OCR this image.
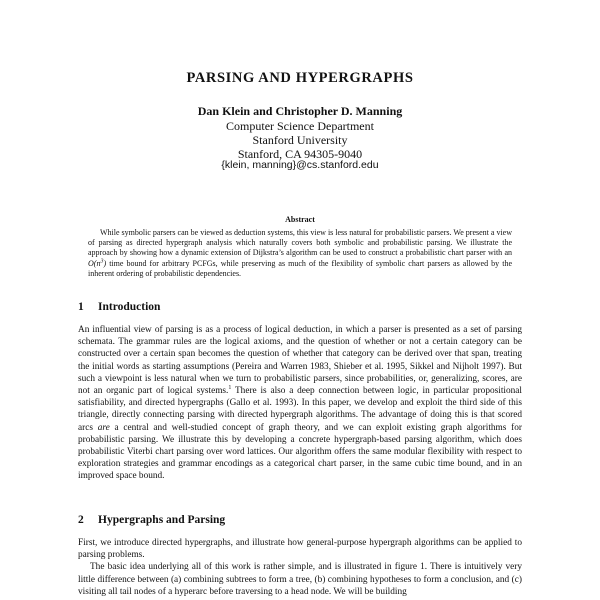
PARSING AND HYPERGRAPHS
Dan Klein and Christopher D. Manning
Computer Science Department
Stanford University
Stanford, CA 94305-9040
{klein, manning}@cs.stanford.edu
Abstract

While symbolic parsers can be viewed as deduction systems, this view is less natural for probabilistic parsers. We present a view of parsing as directed hypergraph analysis which naturally covers both symbolic and probabilistic parsing. We illustrate the approach by showing how a dynamic extension of Dijkstra’s algorithm can be used to construct a probabilistic chart parser with an $O(n^3)$ time bound for arbitrary PCFGs, while preserving as much of the flexibility of symbolic chart parsers as allowed by the inherent ordering of probabilistic dependencies.

1 Introduction

An influential view of parsing is as a process of logical deduction, in which a parser is presented as a set of parsing schemata. The grammar rules are the logical axioms, and the question of whether or not a certain category can be constructed over a certain span becomes the question of whether that category can be derived over that span, treating the initial words as starting assumptions (Pereira and Warren 1983, Shieber et al. 1995, Sikkel and Nijholt 1997). But such a viewpoint is less natural when we turn to probabilistic parsers, since probabilities, or, generalizing, scores, are not an organic part of logical systems.$^1$ There is also a deep connection between logic, in particular propositional satisfiability, and directed hypergraphs (Gallo et al. 1993). In this paper, we develop and exploit the third side of this triangle, directly connecting parsing with directed hypergraph algorithms. The advantage of doing this is that scored arcs are a central and well-studied concept of graph theory, and we can exploit existing graph algorithms for probabilistic parsing. We illustrate this by developing a concrete hypergraph-based parsing algorithm, which does probabilistic Viterbi chart parsing over word lattices. Our algorithm offers the same modular flexibility with respect to exploration strategies and grammar encodings as a categorical chart parser, in the same cubic time bound, and in an improved space bound.

2 Hypergraphs and Parsing

First, we introduce directed hypergraphs, and illustrate how general-purpose hypergraph algorithms can be applied to parsing problems.

The basic idea underlying all of this work is rather simple, and is illustrated in figure 1. There is intuitively very little difference between (a) combining subtrees to form a tree, (b) combining hypotheses to form a conclusion, and (c) visiting all tail nodes of a hyperarc before traversing to a head node. We will be building
